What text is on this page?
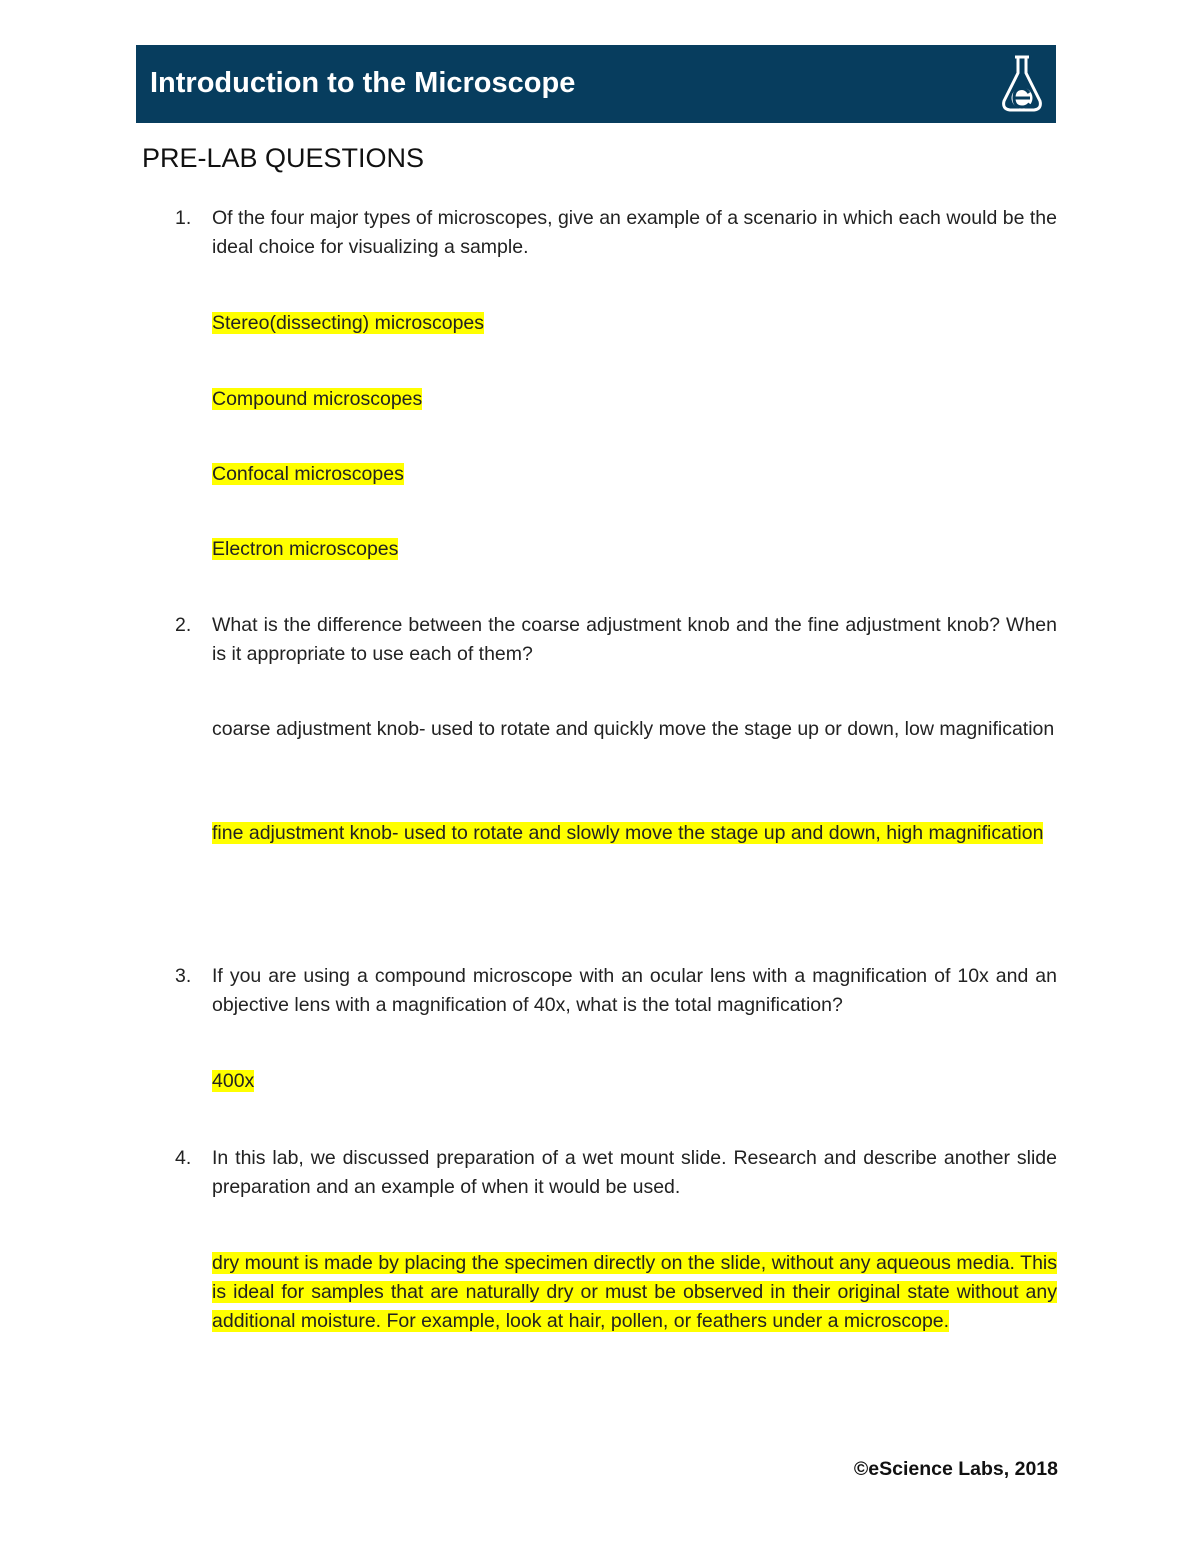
Introduction to the Microscope
PRE-LAB QUESTIONS
1. Of the four major types of microscopes, give an example of a scenario in which each would be the ideal choice for visualizing a sample.
Stereo(dissecting) microscopes
Compound microscopes
Confocal microscopes
Electron microscopes
2. What is the difference between the coarse adjustment knob and the fine adjustment knob? When is it appropriate to use each of them?
coarse adjustment knob- used to rotate and quickly move the stage up or down, low magnification
fine adjustment knob- used to rotate and slowly move the stage up and down, high magnification
3. If you are using a compound microscope with an ocular lens with a magnification of 10x and an objective lens with a magnification of 40x, what is the total magnification?
400x
4. In this lab, we discussed preparation of a wet mount slide. Research and describe another slide preparation and an example of when it would be used.
dry mount is made by placing the specimen directly on the slide, without any aqueous media. This is ideal for samples that are naturally dry or must be observed in their original state without any additional moisture. For example, look at hair, pollen, or feathers under a microscope.
©eScience Labs, 2018
